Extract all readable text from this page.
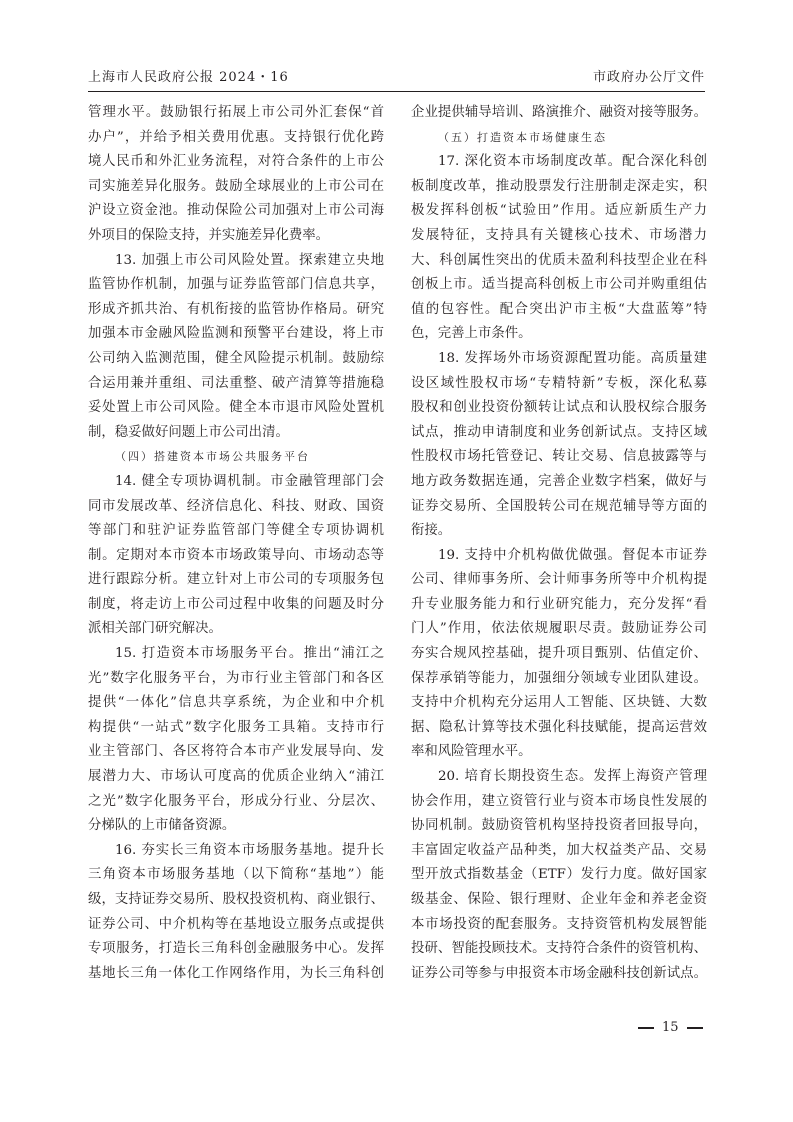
上海市人民政府公报 2024・16	市政府办公厅文件
管理水平。鼓励银行拓展上市公司外汇套保“首
办户”，并给予相关费用优惠。支持银行优化跨
境人民币和外汇业务流程，对符合条件的上市公
司实施差异化服务。鼓励全球展业的上市公司在
沪设立资金池。推动保险公司加强对上市公司海
外项目的保险支持，并实施差异化费率。
13. 加强上市公司风险处置。探索建立央地
监管协作机制，加强与证券监管部门信息共享，
形成齐抓共治、有机衔接的监管协作格局。研究
加强本市金融风险监测和预警平台建设，将上市
公司纳入监测范围，健全风险提示机制。鼓励综
合运用兼并重组、司法重整、破产清算等措施稳
妥处置上市公司风险。健全本市退市风险处置机
制，稳妥做好问题上市公司出清。
（四）搭建资本市场公共服务平台
14. 健全专项协调机制。市金融管理部门会
同市发展改革、经济信息化、科技、财政、国资
等部门和驻沪证券监管部门等健全专项协调机
制。定期对本市资本市场政策导向、市场动态等
进行跟踪分析。建立针对上市公司的专项服务包
制度，将走访上市公司过程中收集的问题及时分
派相关部门研究解决。
15. 打造资本市场服务平台。推出“浦江之
光”数字化服务平台，为市行业主管部门和各区
提供“一体化”信息共享系统，为企业和中介机
构提供“一站式”数字化服务工具箱。支持市行
业主管部门、各区将符合本市产业发展导向、发
展潜力大、市场认可度高的优质企业纳入“浦江
之光”数字化服务平台，形成分行业、分层次、
分梯队的上市储备资源。
16. 夯实长三角资本市场服务基地。提升长
三角资本市场服务基地（以下简称“基地”）能
级，支持证券交易所、股权投资机构、商业银行、
证券公司、中介机构等在基地设立服务点或提供
专项服务，打造长三角科创金融服务中心。发挥
基地长三角一体化工作网络作用，为长三角科创
企业提供辅导培训、路演推介、融资对接等服务。
（五）打造资本市场健康生态
17. 深化资本市场制度改革。配合深化科创
板制度改革，推动股票发行注册制走深走实，积
极发挥科创板“试验田”作用。适应新质生产力
发展特征，支持具有关键核心技术、市场潜力
大、科创属性突出的优质未盈利科技型企业在科
创板上市。适当提高科创板上市公司并购重组估
值的包容性。配合突出沪市主板“大盘蓝筹”特
色，完善上市条件。
18. 发挥场外市场资源配置功能。高质量建
设区域性股权市场“专精特新”专板，深化私募
股权和创业投资份额转让试点和认股权综合服务
试点，推动申请制度和业务创新试点。支持区域
性股权市场托管登记、转让交易、信息披露等与
地方政务数据连通，完善企业数字档案，做好与
证券交易所、全国股转公司在规范辅导等方面的
衔接。
19. 支持中介机构做优做强。督促本市证券
公司、律师事务所、会计师事务所等中介机构提
升专业服务能力和行业研究能力，充分发挥“看
门人”作用，依法依规履职尽责。鼓励证券公司
夯实合规风控基础，提升项目甄别、估值定价、
保荐承销等能力，加强细分领域专业团队建设。
支持中介机构充分运用人工智能、区块链、大数
据、隐私计算等技术强化科技赋能，提高运营效
率和风险管理水平。
20. 培育长期投资生态。发挥上海资产管理
协会作用，建立资管行业与资本市场良性发展的
协同机制。鼓励资管机构坚持投资者回报导向，
丰富固定收益产品种类，加大权益类产品、交易
型开放式指数基金（ETF）发行力度。做好国家
级基金、保险、银行理财、企业年金和养老金资
本市场投资的配套服务。支持资管机构发展智能
投研、智能投顾技术。支持符合条件的资管机构、
证券公司等参与申报资本市场金融科技创新试点。
15
